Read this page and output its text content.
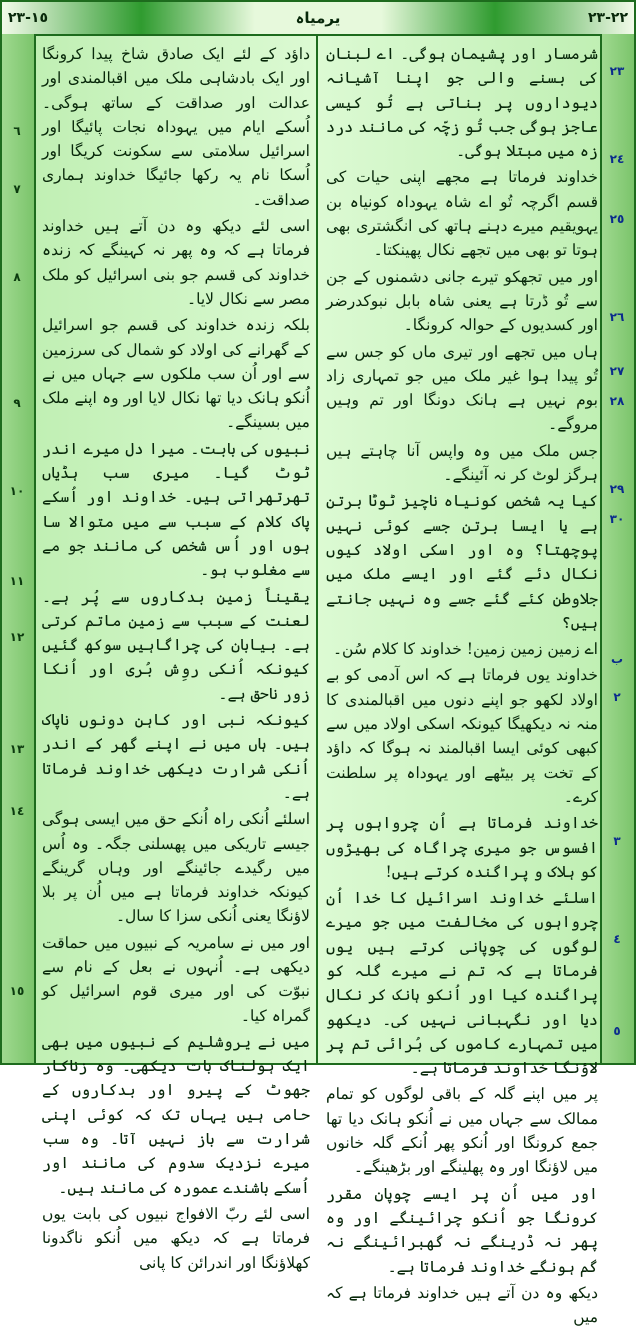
١٥-٢٣	یرمیاہ	٢٢-٢٣
٦
٧
٨
٩
١٠
١١
١٢
١٣
١٤
١٥

داؤد کے لئے ایک صادق شاخ پیدا کرونگا اور ایک بادشاہی ملک میں اقبالمندی اور عدالت اور صداقت کے ساتھ ہوگی۔ اُسکے ایام میں یہوداہ نجات پائیگا اور اسرائیل سلامتی سے سکونت کریگا اور اُسکا نام یہ رکھا جائیگا خداوند ہماری صداقت۔

اسی لئے دیکھ وہ دن آتے ہیں خداوند فرماتا ہے کہ وہ پھر نہ کہینگے کہ زندہ خداوند کی قسم جو بنی اسرائیل کو ملک مصر سے نکال لایا۔

بلکہ زندہ خداوند کی قسم جو اسرائیل کے گھرانے کی اولاد کو شمال کی سرزمین سے اور اُن سب ملکوں سے جہاں میں نے اُنکو ہانک دیا تھا نکال لایا اور وہ اپنے ملک میں بسینگے۔

نبیوں کی بابت۔ میرا دل میرے اندر ٹوٹ گیا۔ میری سب ہڈیاں تھرتھراتی ہیں۔ خداوند اور اُسکے پاک کلام کے سبب سے میں متوالا سا ہوں اور اُس شخص کی مانند جو مے سے مغلوب ہو۔

یقیناً زمین بدکاروں سے پُر ہے۔ لعنت کے سبب سے زمین ماتم کرتی ہے۔ بیابان کی چراگاہیں سوکھ گئیں کیونکہ اُنکی روِش بُری اور اُنکا زور ناحق ہے۔

کیونکہ نبی اور کاہن دونوں ناپاک ہیں۔ ہاں میں نے اپنے گھر کے اندر اُنکی شرارت دیکھی خداوند فرماتا ہے۔

اسلئے اُنکی راہ اُنکے حق میں ایسی ہوگی جیسے تاریکی میں پھسلنی جگہ۔ وہ اُس میں رگیدے جائینگے اور وہاں گرینگے کیونکہ خداوند فرماتا ہے میں اُن پر بلا لاؤنگا یعنی اُنکی سزا کا سال۔

اور میں نے سامریہ کے نبیوں میں حماقت دیکھی ہے۔ اُنہوں نے بعل کے نام سے نبوّت کی اور میری قوم اسرائیل کو گمراہ کیا۔

میں نے یروشلیم کے نبیوں میں بھی ایک ہولناک بات دیکھی۔ وہ زناکار جھوٹ کے پیرو اور بدکاروں کے حامی ہیں یہاں تک کہ کوئی اپنی شرارت سے باز نہیں آتا۔ وہ سب میرے نزدیک سدوم کی مانند اور اُسکے باشندے عمورہ کی مانند ہیں۔

اسی لئے ربّ الافواج نبیوں کی بابت یوں فرماتا ہے کہ دیکھ میں اُنکو ناگدونا کھلاؤنگا اور اندرائن کا پانی

شرمسار اور پشیمان ہوگی۔ اے لبنان کی بسنے والی جو اپنا آشیانہ دیوداروں پر بناتی ہے تُو کیسی عاجز ہوگی جب تُو زچّہ کی مانند درد زہ میں مبتلا ہوگی۔

خداوند فرماتا ہے مجھے اپنی حیات کی قسم اگرچہ تُو اے شاہ یہوداہ کونیاہ بن یہویقیم میرے دہنے ہاتھ کی انگشتری بھی ہوتا تو بھی میں تجھے نکال پھینکتا۔

اور میں تجھکو تیرے جانی دشمنوں کے جن سے تُو ڈرتا ہے یعنی شاہ بابل نبوکدرضر اور کسدیوں کے حوالہ کرونگا۔

ہاں میں تجھے اور تیری ماں کو جس سے تُو پیدا ہوا غیر ملک میں جو تمہاری زاد بوم نہیں ہے ہانک دونگا اور تم وہیں مروگے۔

جس ملک میں وہ واپس آنا چاہتے ہیں ہرگز لوٹ کر نہ آئینگے۔

کیا یہ شخص کونیاہ ناچیز ٹوٹا برتن ہے یا ایسا برتن جسے کوئی نہیں پوچھتا؟ وہ اور اسکی اولاد کیوں نکال دئے گئے اور ایسے ملک میں جلاوطن کئے گئے جسے وہ نہیں جانتے ہیں؟

اے زمین زمین زمین! خداوند کا کلام سُن۔

خداوند یوں فرماتا ہے کہ اس آدمی کو بے اولاد لکھو جو اپنے دنوں میں اقبالمندی کا منہ نہ دیکھیگا کیونکہ اسکی اولاد میں سے کبھی کوئی ایسا اقبالمند نہ ہوگا کہ داؤد کے تخت پر بیٹھے اور یہوداہ پر سلطنت کرے۔

خداوند فرماتا ہے اُن چرواہوں پر افسوس جو میری چراگاہ کی بھیڑوں کو ہلاک و پراگندہ کرتے ہیں!

اسلئے خداوند اسرائیل کا خدا اُن چرواہوں کی مخالفت میں جو میرے لوگوں کی چوپانی کرتے ہیں یوں فرماتا ہے کہ تم نے میرے گلہ کو پراگندہ کیا اور اُنکو ہانک کر نکال دیا اور نگہبانی نہیں کی۔ دیکھو میں تمہارے کاموں کی بُرائی تم پر لاؤنگا خداوند فرماتا ہے۔

پر میں اپنے گلہ کے باقی لوگوں کو تمام ممالک سے جہاں میں نے اُنکو ہانک دیا تھا جمع کرونگا اور اُنکو پھر اُنکے گلہ خانوں میں لاؤنگا اور وہ پھلینگے اور بڑھینگے۔

اور میں اُن پر ایسے چوپان مقرر کرونگا جو اُنکو چرائینگے اور وہ پھر نہ ڈرینگے نہ گھبرائینگے نہ گم ہونگے خداوند فرماتا ہے۔

دیکھ وہ دن آتے ہیں خداوند فرماتا ہے کہ میں

٢٣
٢٤
٢٥
٢٦
٢٧
٢٨
٢٩
٣٠
ب
٢
٣
٤
٥
